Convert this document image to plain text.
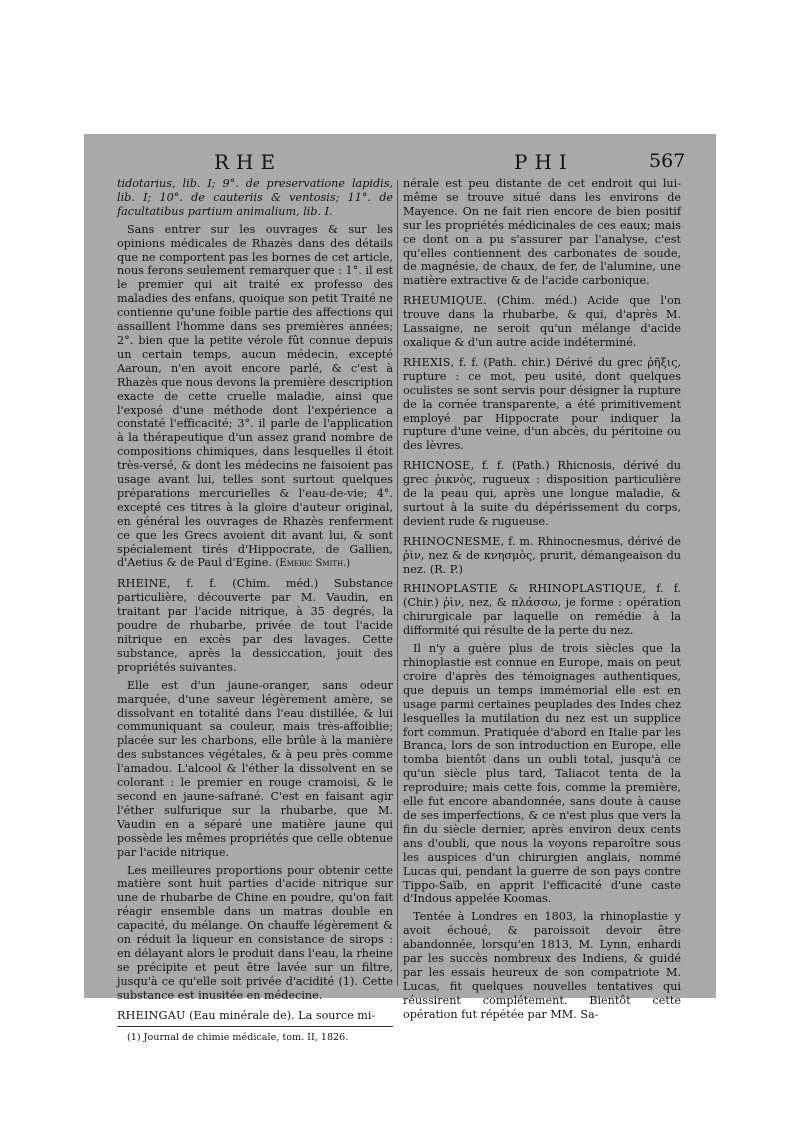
RHE	PHI	567

tidotarius, lib. I; 9°. de preservatione lapidis, lib. I; 10°. de cauteriis & ventosis; 11°. de facultatibus partium animalium, lib. I.

Sans entrer sur les ouvrages & sur les opinions médicales de Rhazès dans des détails que ne comportent pas les bornes de cet article, nous ferons seulement remarquer que : 1°. il est le premier qui ait traité ex professo des maladies des enfans, quoique son petit Traité ne contienne qu'une foible partie des affections qui assaillent l'homme dans ses premières années; 2°. bien que la petite vérole fût connue depuis un certain temps, aucun médecin, excepté Aaroun, n'en avoit encore parlé, & c'est à Rhazès que nous devons la première description exacte de cette cruelle maladie, ainsi que l'exposé d'une méthode dont l'expérience a constaté l'efficacité; 3°. il parle de l'application à la thérapeutique d'un assez grand nombre de compositions chimiques, dans lesquelles il étoit très-versé, & dont les médecins ne faisoient pas usage avant lui, telles sont surtout quelques préparations mercurielles & l'eau-de-vie; 4°. excepté ces titres à la gloire d'auteur original, en général les ouvrages de Rhazès renferment ce que les Grecs avoient dit avant lui, & sont spécialement tirés d'Hippocrate, de Gallien, d'Aetius & de Paul d'Egine. (Emeric Smith.)

RHEINE, f. f. (Chim. méd.) Substance particulière, découverte par M. Vaudin, en traitant par l'acide nitrique, à 35 degrés, la poudre de rhubarbe, privée de tout l'acide nitrique en excès par des lavages. Cette substance, après la dessiccation, jouit des propriétés suivantes.

Elle est d'un jaune-oranger, sans odeur marquée, d'une saveur légèrement amère, se dissolvant en totalité dans l'eau distillée, & lui communiquant sa couleur, mais très-affoiblie; placée sur les charbons, elle brûle à la manière des substances végétales, & à peu près comme l'amadou. L'alcool & l'éther la dissolvent en se colorant : le premier en rouge cramoisi, & le second en jaune-safrané. C'est en faisant agir l'éther sulfurique sur la rhubarbe, que M. Vaudin en a séparé une matière jaune qui possède les mêmes propriétés que celle obtenue par l'acide nitrique.

Les meilleures proportions pour obtenir cette matière sont huit parties d'acide nitrique sur une de rhubarbe de Chine en poudre, qu'on fait réagir ensemble dans un matras double en capacité, du mélange. On chauffe légèrement & on réduit la liqueur en consistance de sirops : en délayant alors le produit dans l'eau, la rheine se précipite et peut être lavée sur un filtre, jusqu'à ce qu'elle soit privée d'acidité (1). Cette substance est inusitée en médecine.

RHEINGAU (Eau minérale de). La source mi-

(1) Journal de chimie médicale, tom. II, 1826.

nérale est peu distante de cet endroit qui lui-même se trouve situé dans les environs de Mayence. On ne fait rien encore de bien positif sur les propriétés médicinales de ces eaux; mais ce dont on a pu s'assurer par l'analyse, c'est qu'elles contiennent des carbonates de soude, de magnésie, de chaux, de fer, de l'alumine, une matière extractive & de l'acide carbonique.

RHEUMIQUE. (Chim. méd.) Acide que l'on trouve dans la rhubarbe, & qui, d'après M. Lassaigne, ne seroit qu'un mélange d'acide oxalique & d'un autre acide indéterminé.

RHEXIS, f. f. (Path. chir.) Dérivé du grec ῥῆξις, rupture : ce mot, peu usité, dont quelques oculistes se sont servis pour désigner la rupture de la cornée transparente, a été primitivement employé par Hippocrate pour indiquer la rupture d'une veine, d'un abcès, du péritoine ou des lèvres.

RHICNOSE, f. f. (Path.) Rhicnosis, dérivé du grec ῥικνὸς, rugueux : disposition particulière de la peau qui, après une longue maladie, & surtout à la suite du dépérissement du corps, devient rude & rugueuse.

RHINOCNESME, f. m. Rhinocnesmus, dérivé de ῥὶν, nez & de κνησμὸς, prurit, démangeaison du nez. (R. P.)

RHINOPLASTIE & RHINOPLASTIQUE, f. f. (Chir.) ῥὶν, nez, & πλάσσω, je forme : opération chirurgicale par laquelle on remédie à la difformité qui résulte de la perte du nez.

Il n'y a guère plus de trois siècles que la rhinoplastie est connue en Europe, mais on peut croire d'après des témoignages authentiques, que depuis un temps immémorial elle est en usage parmi certaines peuplades des Indes chez lesquelles la mutilation du nez est un supplice fort commun. Pratiquée d'abord en Italie par les Branca, lors de son introduction en Europe, elle tomba bientôt dans un oubli total, jusqu'à ce qu'un siècle plus tard, Taliacot tenta de la reproduire; mais cette fois, comme la première, elle fut encore abandonnée, sans doute à cause de ses imperfections, & ce n'est plus que vers la fin du siècle dernier, après environ deux cents ans d'oubli, que nous la voyons reparoître sous les auspices d'un chirurgien anglais, nommé Lucas qui, pendant la guerre de son pays contre Tippo-Saïb, en apprit l'efficacité d'une caste d'Indous appelée Koomas.

Tentée à Londres en 1803, la rhinoplastie y avoit échoué, & paroissoit devoir être abandonnée, lorsqu'en 1813, M. Lynn, enhardi par les succès nombreux des Indiens, & guidé par les essais heureux de son compatriote M. Lucas, fit quelques nouvelles tentatives qui réussirent complétement. Bientôt cette opération fut répétée par MM. Sa-
